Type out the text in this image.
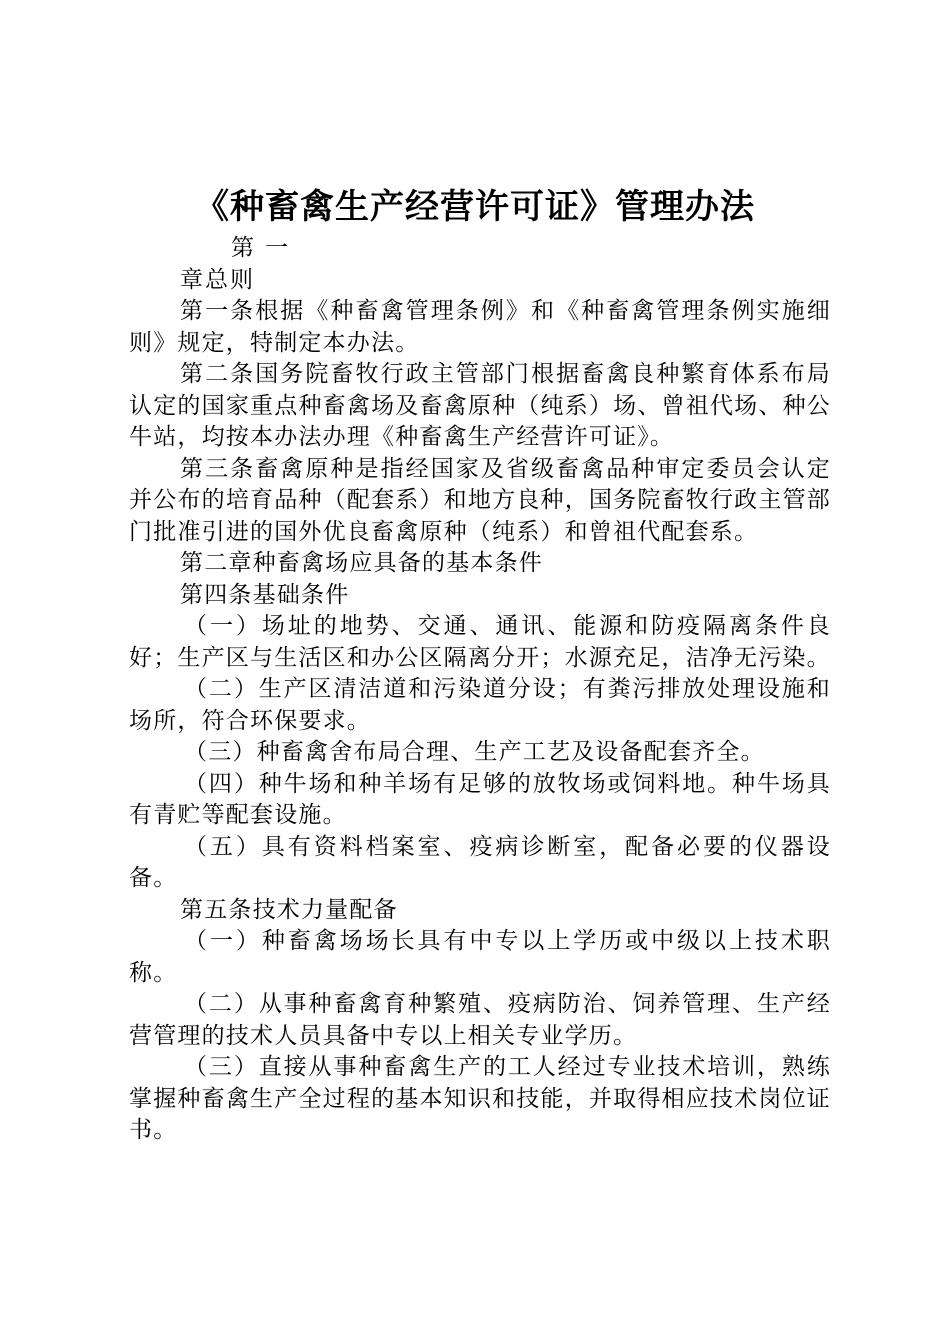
《种畜禽生产经营许可证》管理办法

第一章总则

第一条根据《种畜禽管理条例》和《种畜禽管理条例实施细则》规定，特制定本办法。

第二条国务院畜牧行政主管部门根据畜禽良种繁育体系布局认定的国家重点种畜禽场及畜禽原种（纯系）场、曾祖代场、种公牛站，均按本办法办理《种畜禽生产经营许可证》。

第三条畜禽原种是指经国家及省级畜禽品种审定委员会认定并公布的培育品种（配套系）和地方良种，国务院畜牧行政主管部门批准引进的国外优良畜禽原种（纯系）和曾祖代配套系。

第二章种畜禽场应具备的基本条件

第四条基础条件

（一）场址的地势、交通、通讯、能源和防疫隔离条件良好；生产区与生活区和办公区隔离分开；水源充足，洁净无污染。

（二）生产区清洁道和污染道分设；有粪污排放处理设施和场所，符合环保要求。

（三）种畜禽舍布局合理、生产工艺及设备配套齐全。

（四）种牛场和种羊场有足够的放牧场或饲料地。种牛场具有青贮等配套设施。

（五）具有资料档案室、疫病诊断室，配备必要的仪器设备。

第五条技术力量配备

（一）种畜禽场场长具有中专以上学历或中级以上技术职称。

（二）从事种畜禽育种繁殖、疫病防治、饲养管理、生产经营管理的技术人员具备中专以上相关专业学历。

（三）直接从事种畜禽生产的工人经过专业技术培训，熟练掌握种畜禽生产全过程的基本知识和技能，并取得相应技术岗位证书。
